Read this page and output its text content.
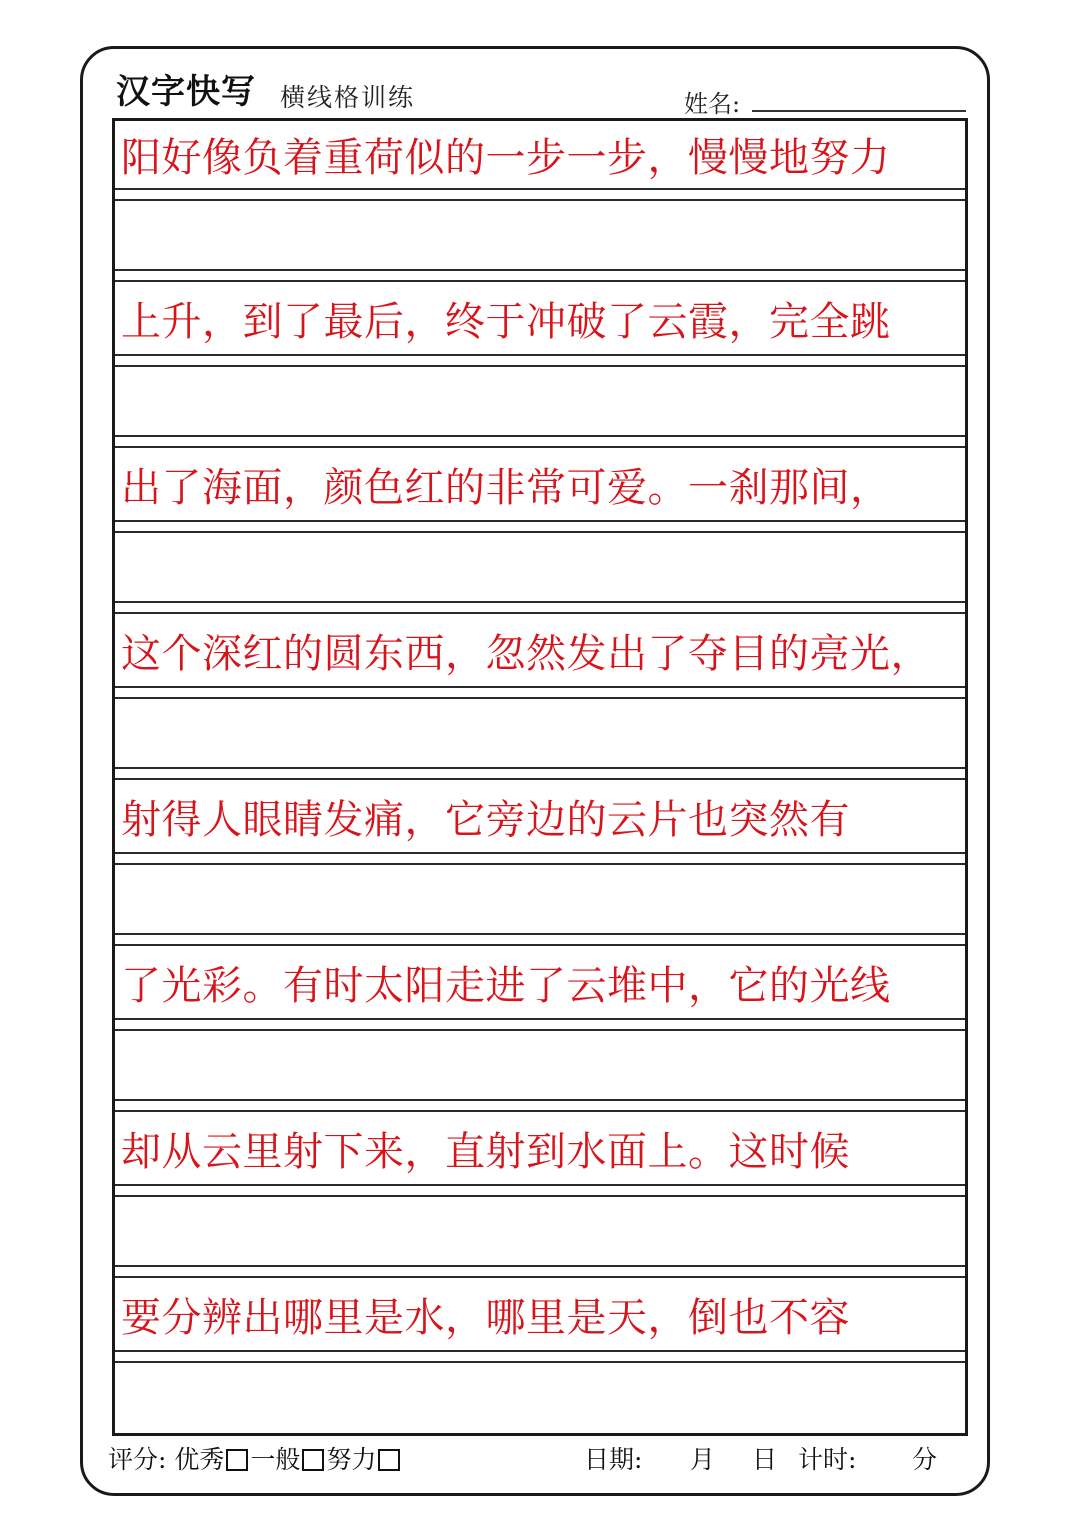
汉字快写 横线格训练	姓名:
阳好像负着重荷似的一步一步，慢慢地努力
上升，到了最后，终于冲破了云霞，完全跳
出了海面，颜色红的非常可爱。一刹那间，
这个深红的圆东西，忽然发出了夺目的亮光，
射得人眼睛发痛，它旁边的云片也突然有
了光彩。有时太阳走进了云堆中，它的光线
却从云里射下来，直射到水面上。这时候
要分辨出哪里是水，哪里是天，倒也不容
评分: 优秀 一般 努力	日期: 月 日 计时: 分
